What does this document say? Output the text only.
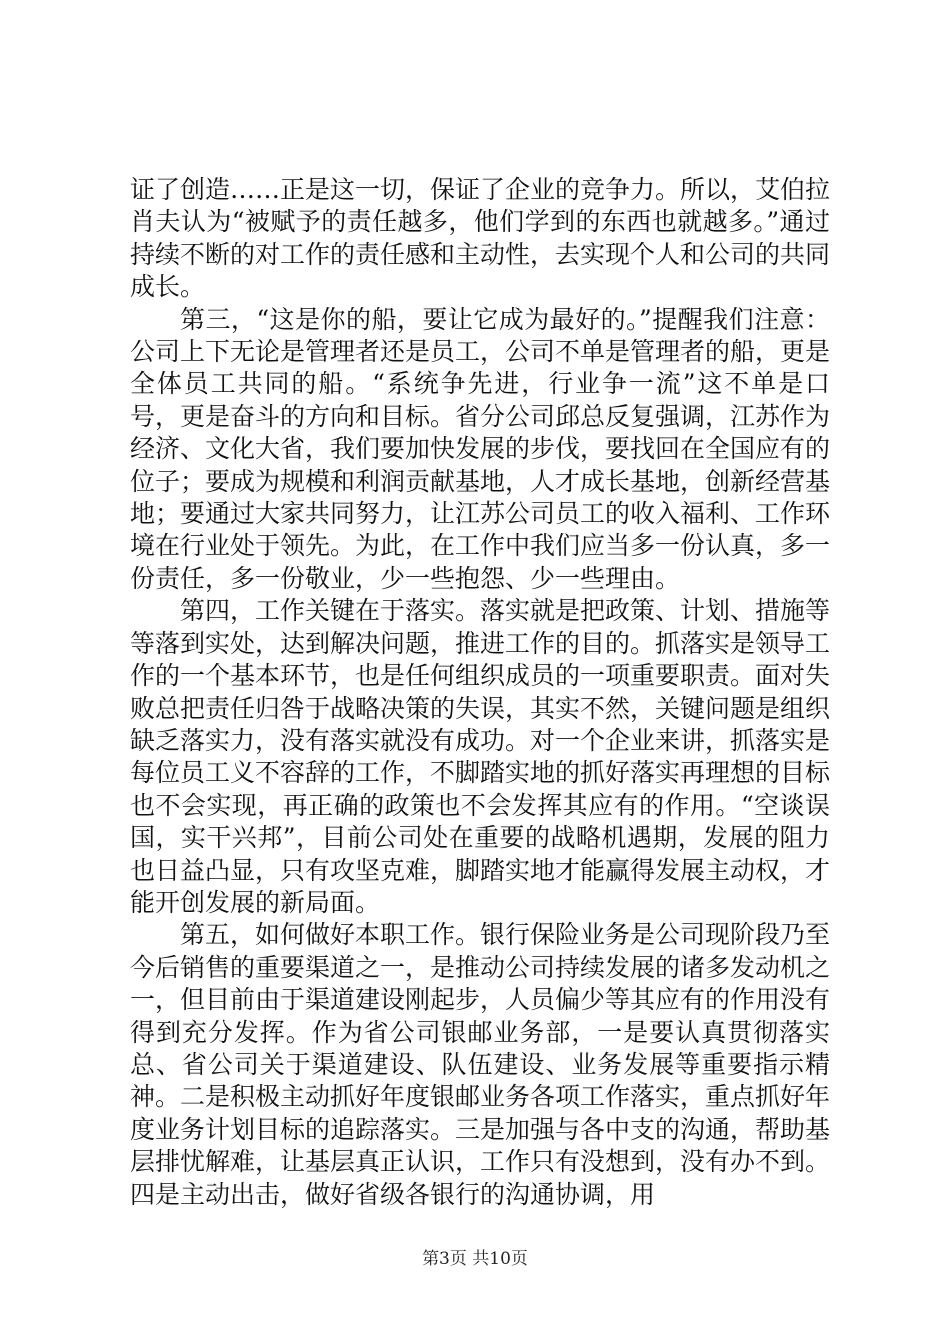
证了创造……正是这一切，保证了企业的竞争力。所以，艾伯拉肖夫认为“被赋予的责任越多，他们学到的东西也就越多。”通过持续不断的对工作的责任感和主动性，去实现个人和公司的共同成长。

第三，“这是你的船，要让它成为最好的。”提醒我们注意：公司上下无论是管理者还是员工，公司不单是管理者的船，更是全体员工共同的船。“系统争先进，行业争一流”这不单是口号，更是奋斗的方向和目标。省分公司邱总反复强调，江苏作为经济、文化大省，我们要加快发展的步伐，要找回在全国应有的位子；要成为规模和利润贡献基地，人才成长基地，创新经营基地；要通过大家共同努力，让江苏公司员工的收入福利、工作环境在行业处于领先。为此，在工作中我们应当多一份认真，多一份责任，多一份敬业，少一些抱怨、少一些理由。

第四，工作关键在于落实。落实就是把政策、计划、措施等等落到实处，达到解决问题，推进工作的目的。抓落实是领导工作的一个基本环节，也是任何组织成员的一项重要职责。面对失败总把责任归咎于战略决策的失误，其实不然，关键问题是组织缺乏落实力，没有落实就没有成功。对一个企业来讲，抓落实是每位员工义不容辞的工作，不脚踏实地的抓好落实再理想的目标也不会实现，再正确的政策也不会发挥其应有的作用。“空谈误国，实干兴邦”，目前公司处在重要的战略机遇期，发展的阻力也日益凸显，只有攻坚克难，脚踏实地才能赢得发展主动权，才能开创发展的新局面。

第五，如何做好本职工作。银行保险业务是公司现阶段乃至今后销售的重要渠道之一，是推动公司持续发展的诸多发动机之一，但目前由于渠道建设刚起步，人员偏少等其应有的作用没有得到充分发挥。作为省公司银邮业务部，一是要认真贯彻落实总、省公司关于渠道建设、队伍建设、业务发展等重要指示精神。二是积极主动抓好年度银邮业务各项工作落实，重点抓好年度业务计划目标的追踪落实。三是加强与各中支的沟通，帮助基层排忧解难，让基层真正认识，工作只有没想到，没有办不到。四是主动出击，做好省级各银行的沟通协调，用

第3页 共10页
